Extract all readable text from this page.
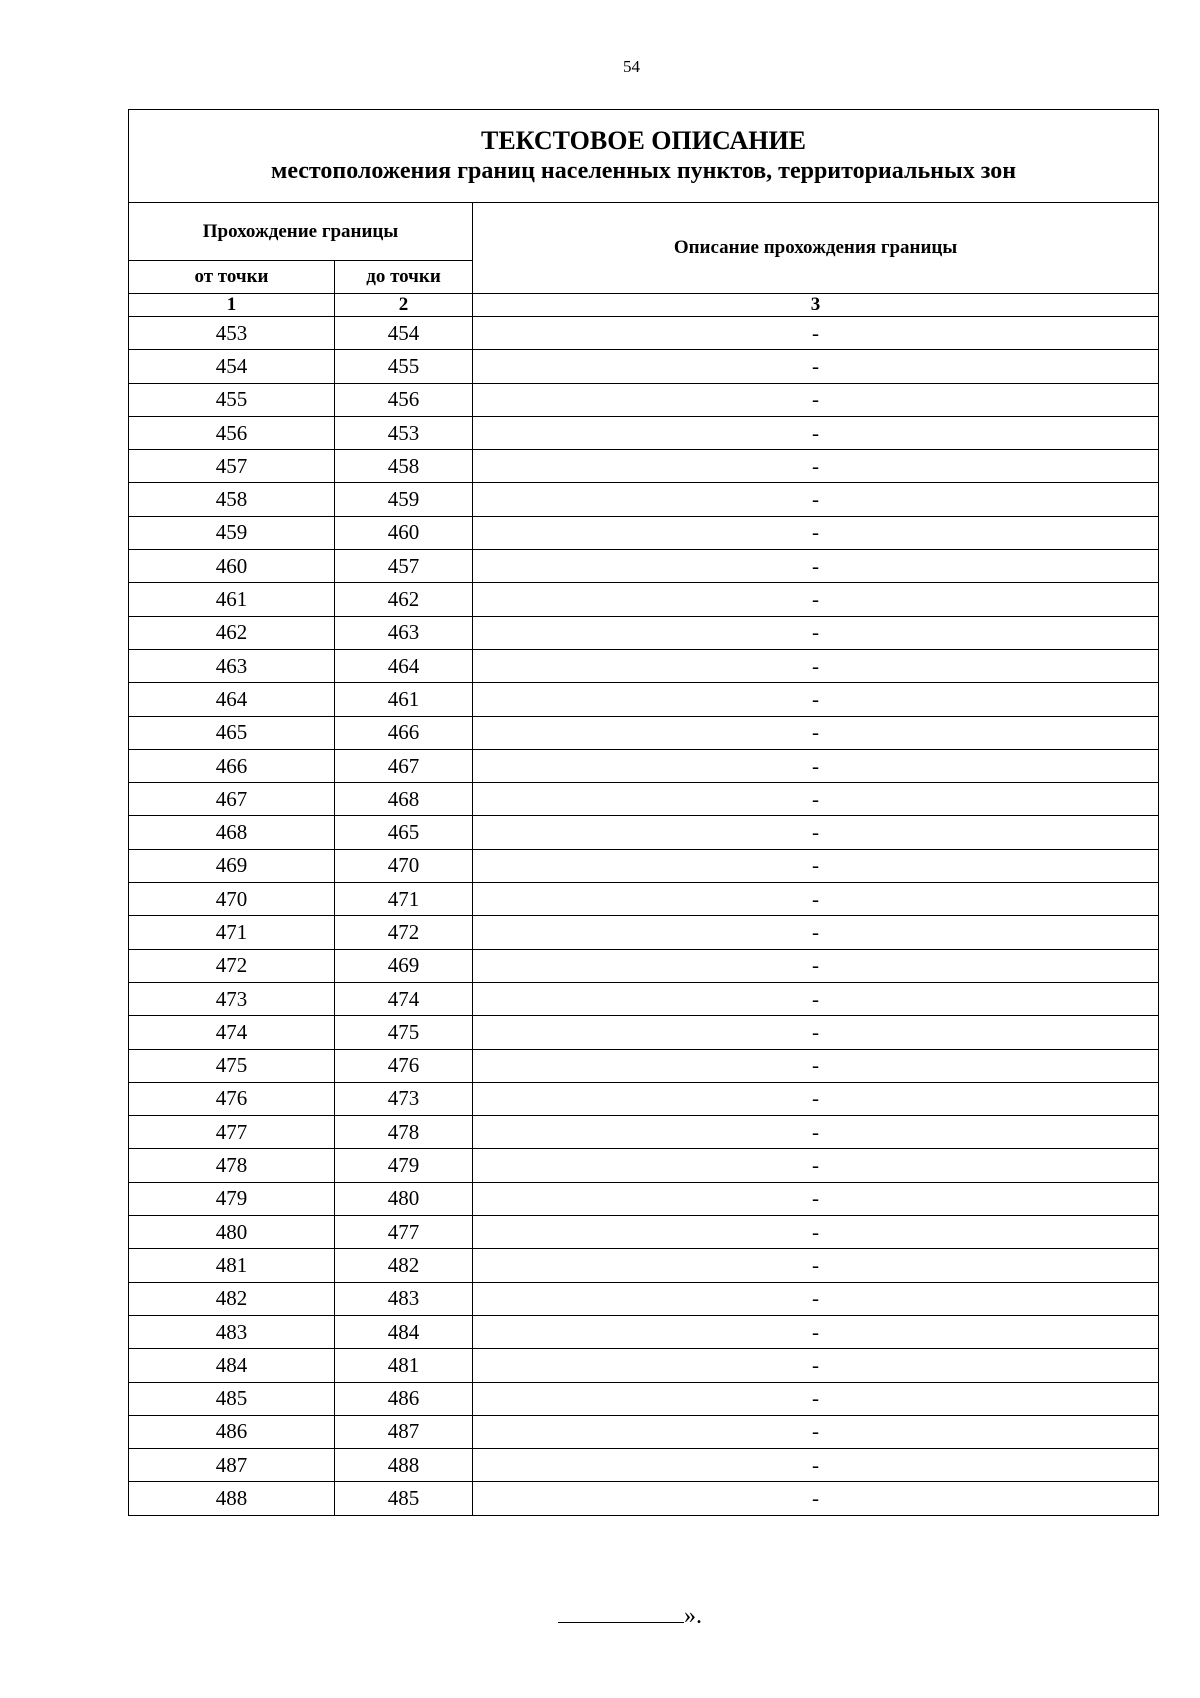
54
ТЕКСТОВОЕ ОПИСАНИЕ
местоположения границ населенных пунктов, территориальных зон		

Прохождение границы		Описание прохождения границы
от точки	до точки	
1	2	3
453	454	-
454	455	-
455	456	-
456	453	-
457	458	-
458	459	-
459	460	-
460	457	-
461	462	-
462	463	-
463	464	-
464	461	-
465	466	-
466	467	-
467	468	-
468	465	-
469	470	-
470	471	-
471	472	-
472	469	-
473	474	-
474	475	-
475	476	-
476	473	-
477	478	-
478	479	-
479	480	-
480	477	-
481	482	-
482	483	-
483	484	-
484	481	-
485	486	-
486	487	-
487	488	-
488	485	-
».
